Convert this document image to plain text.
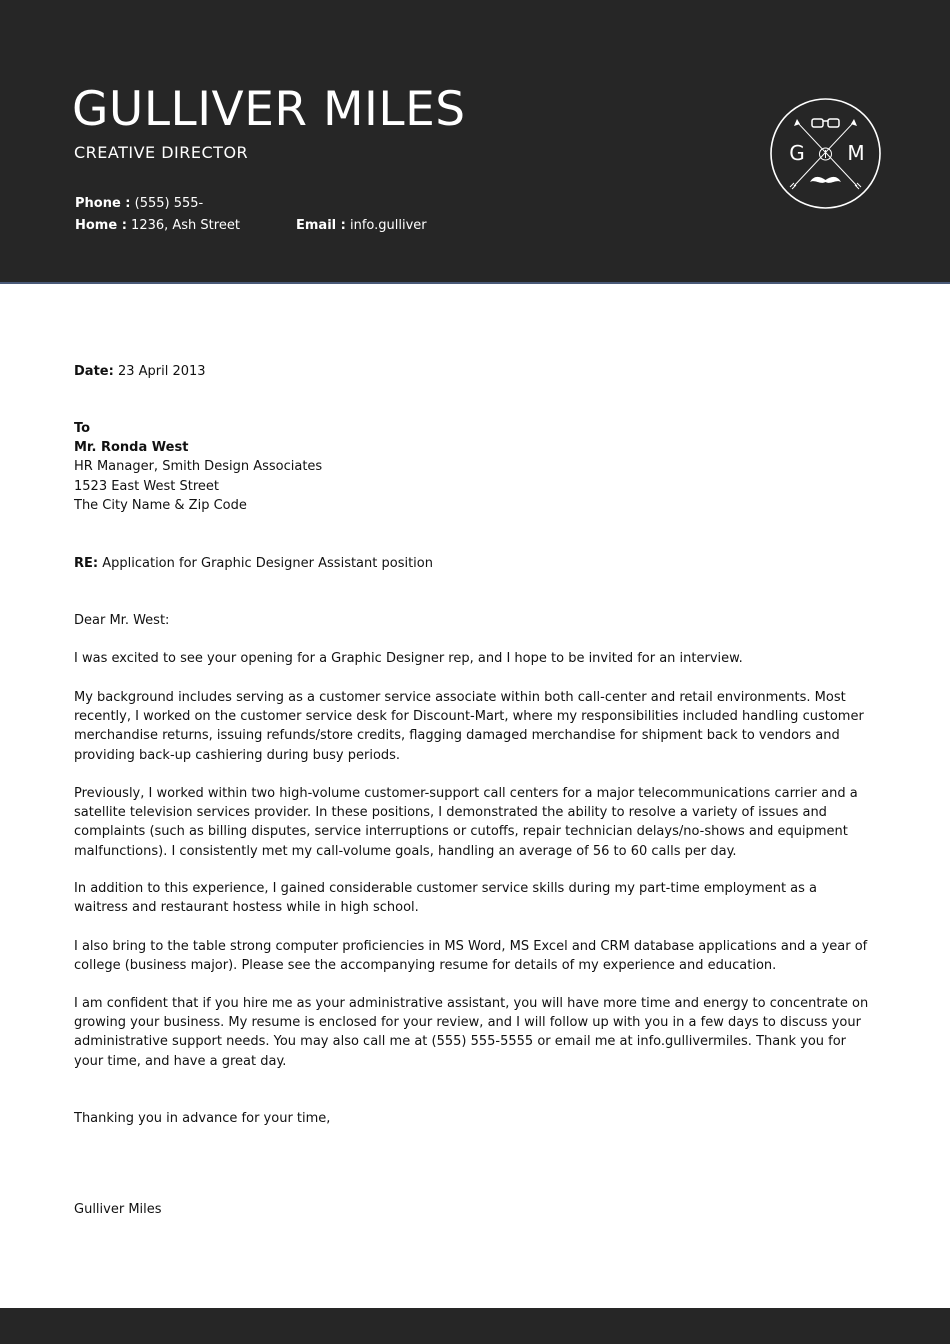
GULLIVER MILES
CREATIVE DIRECTOR
Phone : (555) 555-
Home : 1236, Ash Street	Email : info.gulliver
G M
Date: 23 April 2013

To

Mr. Ronda West

HR Manager, Smith Design Associates

1523 East West Street

The City Name & Zip Code

RE: Application for Graphic Designer Assistant position
Dear Mr. West:
I was excited to see your opening for a Graphic Designer rep, and I hope to be invited for an interview.
My background includes serving as a customer service associate within both call-center and retail environments. Most recently, I worked on the customer service desk for Discount-Mart, where my responsibilities included handling customer merchandise returns, issuing refunds/store credits, flagging damaged merchandise for shipment back to vendors and providing back-up cashiering during busy periods.
Previously, I worked within two high-volume customer-support call centers for a major telecommunications carrier and a satellite television services provider. In these positions, I demonstrated the ability to resolve a variety of issues and complaints (such as billing disputes, service interruptions or cutoffs, repair technician delays/no-shows and equipment malfunctions). I consistently met my call-volume goals, handling an average of 56 to 60 calls per day.
In addition to this experience, I gained considerable customer service skills during my part-time employment as a waitress and restaurant hostess while in high school.
I also bring to the table strong computer proficiencies in MS Word, MS Excel and CRM database applications and a year of college (business major). Please see the accompanying resume for details of my experience and education.
I am confident that if you hire me as your administrative assistant, you will have more time and energy to concentrate on growing your business. My resume is enclosed for your review, and I will follow up with you in a few days to discuss your administrative support needs. You may also call me at (555) 555-5555 or email me at info.gullivermiles. Thank you for your time, and have a great day.
Thanking you in advance for your time,
Gulliver Miles
